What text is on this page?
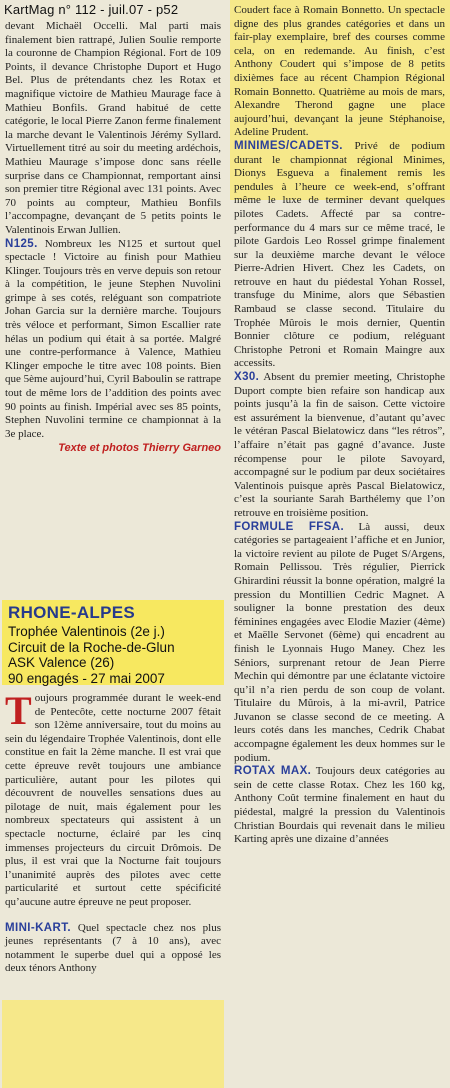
KartMag n° 112 - juil.07 - p52

devant Michaël Occelli. Mal parti mais finalement bien rattrapé, Julien Soulie remporte la couronne de Champion Régional. Fort de 109 Points, il devance Christophe Duport et Hugo Bel. Plus de prétendants chez les Rotax et magnifique victoire de Mathieu Maurage face à Mathieu Bonfils. Grand habitué de cette catégorie, le local Pierre Zanon ferme finalement la marche devant le Valentinois Jérémy Syllard. Virtuellement titré au soir du meeting ardéchois, Mathieu Maurage s’impose donc sans réelle surprise dans ce Championnat, remportant ainsi son premier titre Régional avec 131 points. Avec 70 points au compteur, Mathieu Bonfils l’accompagne, devançant de 5 petits points le Valentinois Erwan Jullien.

N125. Nombreux les N125 et surtout quel spectacle ! Victoire au finish pour Mathieu Klinger. Toujours très en verve depuis son retour à la compétition, le jeune Stephen Nuvolini grimpe à ses cotés, reléguant son compatriote Johan Garcia sur la dernière marche. Toujours très véloce et performant, Simon Escallier rate hélas un podium qui était à sa portée. Malgré une contre-performance à Valence, Mathieu Klinger empoche le titre avec 108 points. Bien que 5ème aujourd’hui, Cyril Baboulin se rattrape tout de même lors de l’addition des points avec 90 points au finish. Impérial avec ses 85 points, Stephen Nuvolini termine ce championnat à la 3e place.

Texte et photos Thierry Garneo
RHONE-ALPES
Trophée Valentinois (2e j.)
Circuit de la Roche-de-Glun
ASK Valence (26)
90 engagés - 27 mai 2007

Toujours programmée durant le week-end de Pentecôte, cette nocturne 2007 fêtait son 12ème anniversaire, tout du moins au sein du légendaire Trophée Valentinois, dont elle constitue en fait la 2ème manche. Il est vrai que cette épreuve revêt toujours une ambiance particulière, autant pour les pilotes qui découvrent de nouvelles sensations dues au pilotage de nuit, mais également pour les nombreux spectateurs qui assistent à un spectacle nocturne, éclairé par les cinq immenses projecteurs du circuit Drômois. De plus, il est vrai que la Nocturne fait toujours l’unanimité auprès des pilotes avec cette particularité et surtout cette spécificité qu’aucune autre épreuve ne peut proposer.

MINI-KART. Quel spectacle chez nos plus jeunes représentants (7 à 10 ans), avec notamment le superbe duel qui a opposé les deux ténors Anthony

Coudert face à Romain Bonnetto. Un spectacle digne des plus grandes catégories et dans un fair-play exemplaire, bref des courses comme cela, on en redemande. Au finish, c’est Anthony Coudert qui s’impose de 8 petits dixièmes face au récent Champion Régional Romain Bonnetto. Quatrième au mois de mars, Alexandre Therond gagne une place aujourd’hui, devançant la jeune Stéphanoise, Adeline Prudent.

MINIMES/CADETS. Privé de podium durant le championnat régional Minimes, Dionys Esgueva a finalement remis les pendules à l’heure ce week-end, s’offrant même le luxe de terminer devant quelques pilotes Cadets. Affecté par sa contre-performance du 4 mars sur ce même tracé, le pilote Gardois Leo Rossel grimpe finalement sur la deuxième marche devant le véloce Pierre-Adrien Hivert. Chez les Cadets, on retrouve en haut du piédestal Yohan Rossel, transfuge du Minime, alors que Sébastien Rambaud se classe second. Titulaire du Trophée Mûrois le mois dernier, Quentin Bonnier clôture ce podium, reléguant Christophe Petroni et Romain Maingre aux accessits.

X30. Absent du premier meeting, Christophe Duport compte bien refaire son handicap aux points jusqu’à la fin de saison. Cette victoire est assurément la bienvenue, d’autant qu’avec le vétéran Pascal Bielatowicz dans “les rétros”, l’affaire n’était pas gagné d’avance. Juste récompense pour le pilote Savoyard, accompagné sur le podium par deux sociétaires Valentinois puisque après Pascal Bielatowicz, c’est la souriante Sarah Barthélemy que l’on retrouve en troisième position.

FORMULE FFSA. Là aussi, deux catégories se partageaient l’affiche et en Junior, la victoire revient au pilote de Puget S/Argens, Romain Pellissou. Très régulier, Pierrick Ghirardini réussit la bonne opération, malgré la pression du Montillien Cedric Magnet. A souligner la bonne prestation des deux féminines engagées avec Elodie Mazier (4ème) et Maëlle Servonet (6ème) qui encadrent au finish le Lyonnais Hugo Maney. Chez les Séniors, surprenant retour de Jean Pierre Mechin qui démontre par une éclatante victoire qu’il n’a rien perdu de son coup de volant. Titulaire du Mûrois, à la mi-avril, Patrice Juvanon se classe second de ce meeting. A leurs cotés dans les manches, Cedrik Chabat accompagne également les deux hommes sur le podium.

ROTAX MAX. Toujours deux catégories au sein de cette classe Rotax. Chez les 160 kg, Anthony Coût termine finalement en haut du piédestal, malgré la pression du Valentinois Christian Bourdais qui revenait dans le milieu Karting après une dizaine d’années
